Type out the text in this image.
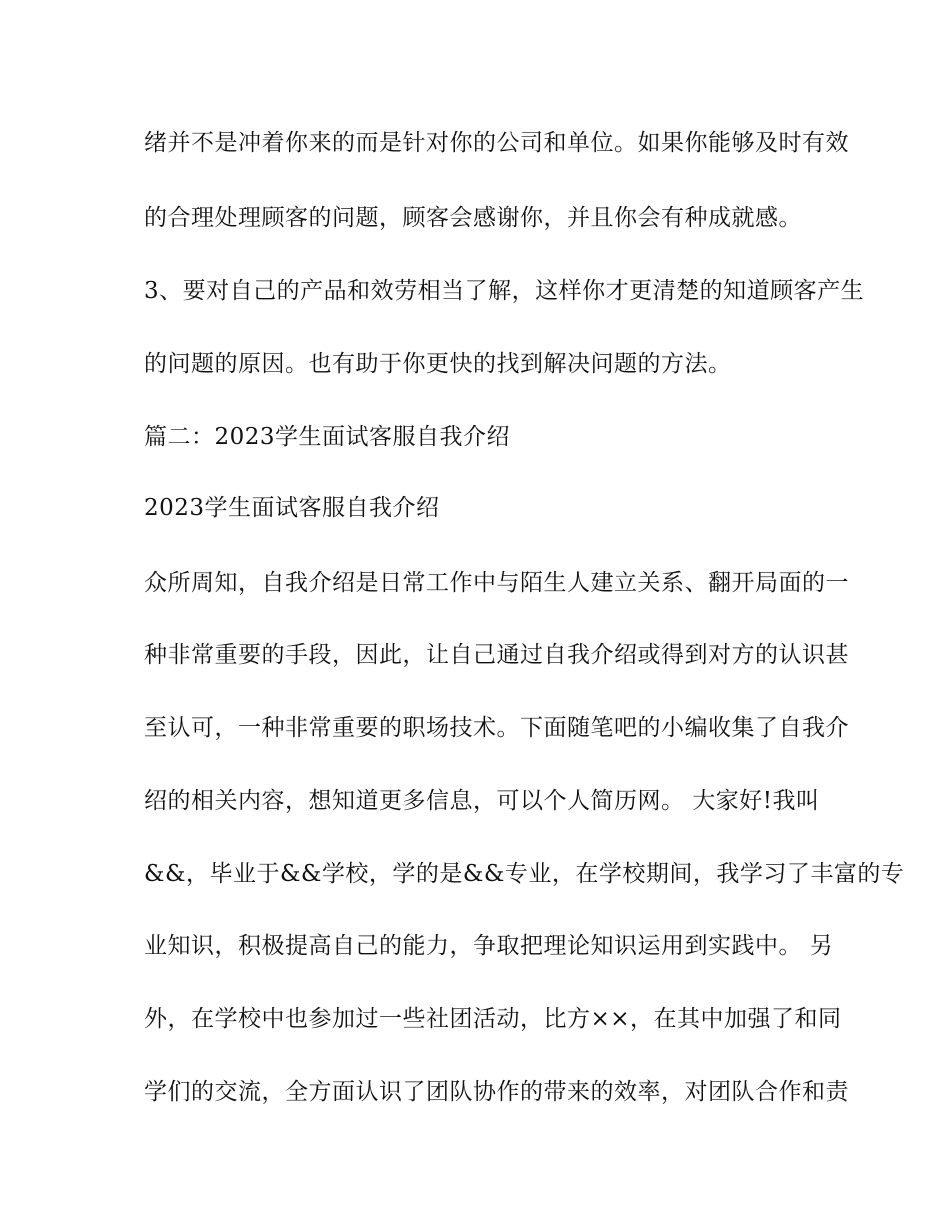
绪并不是冲着你来的而是针对你的公司和单位。如果你能够及时有效
的合理处理顾客的问题，顾客会感谢你，并且你会有种成就感。
3、要对自己的产品和效劳相当了解，这样你才更清楚的知道顾客产生
的问题的原因。也有助于你更快的找到解决问题的方法。
篇二：2023学生面试客服自我介绍
2023学生面试客服自我介绍
众所周知，自我介绍是日常工作中与陌生人建立关系、翻开局面的一
种非常重要的手段，因此，让自己通过自我介绍或得到对方的认识甚
至认可，一种非常重要的职场技术。下面随笔吧的小编收集了自我介
绍的相关内容，想知道更多信息，可以个人简历网。 大家好!我叫
&&，毕业于&&学校，学的是&&专业，在学校期间，我学习了丰富的专
业知识，积极提高自己的能力，争取把理论知识运用到实践中。 另
外，在学校中也参加过一些社团活动，比方××，在其中加强了和同
学们的交流，全方面认识了团队协作的带来的效率，对团队合作和责
